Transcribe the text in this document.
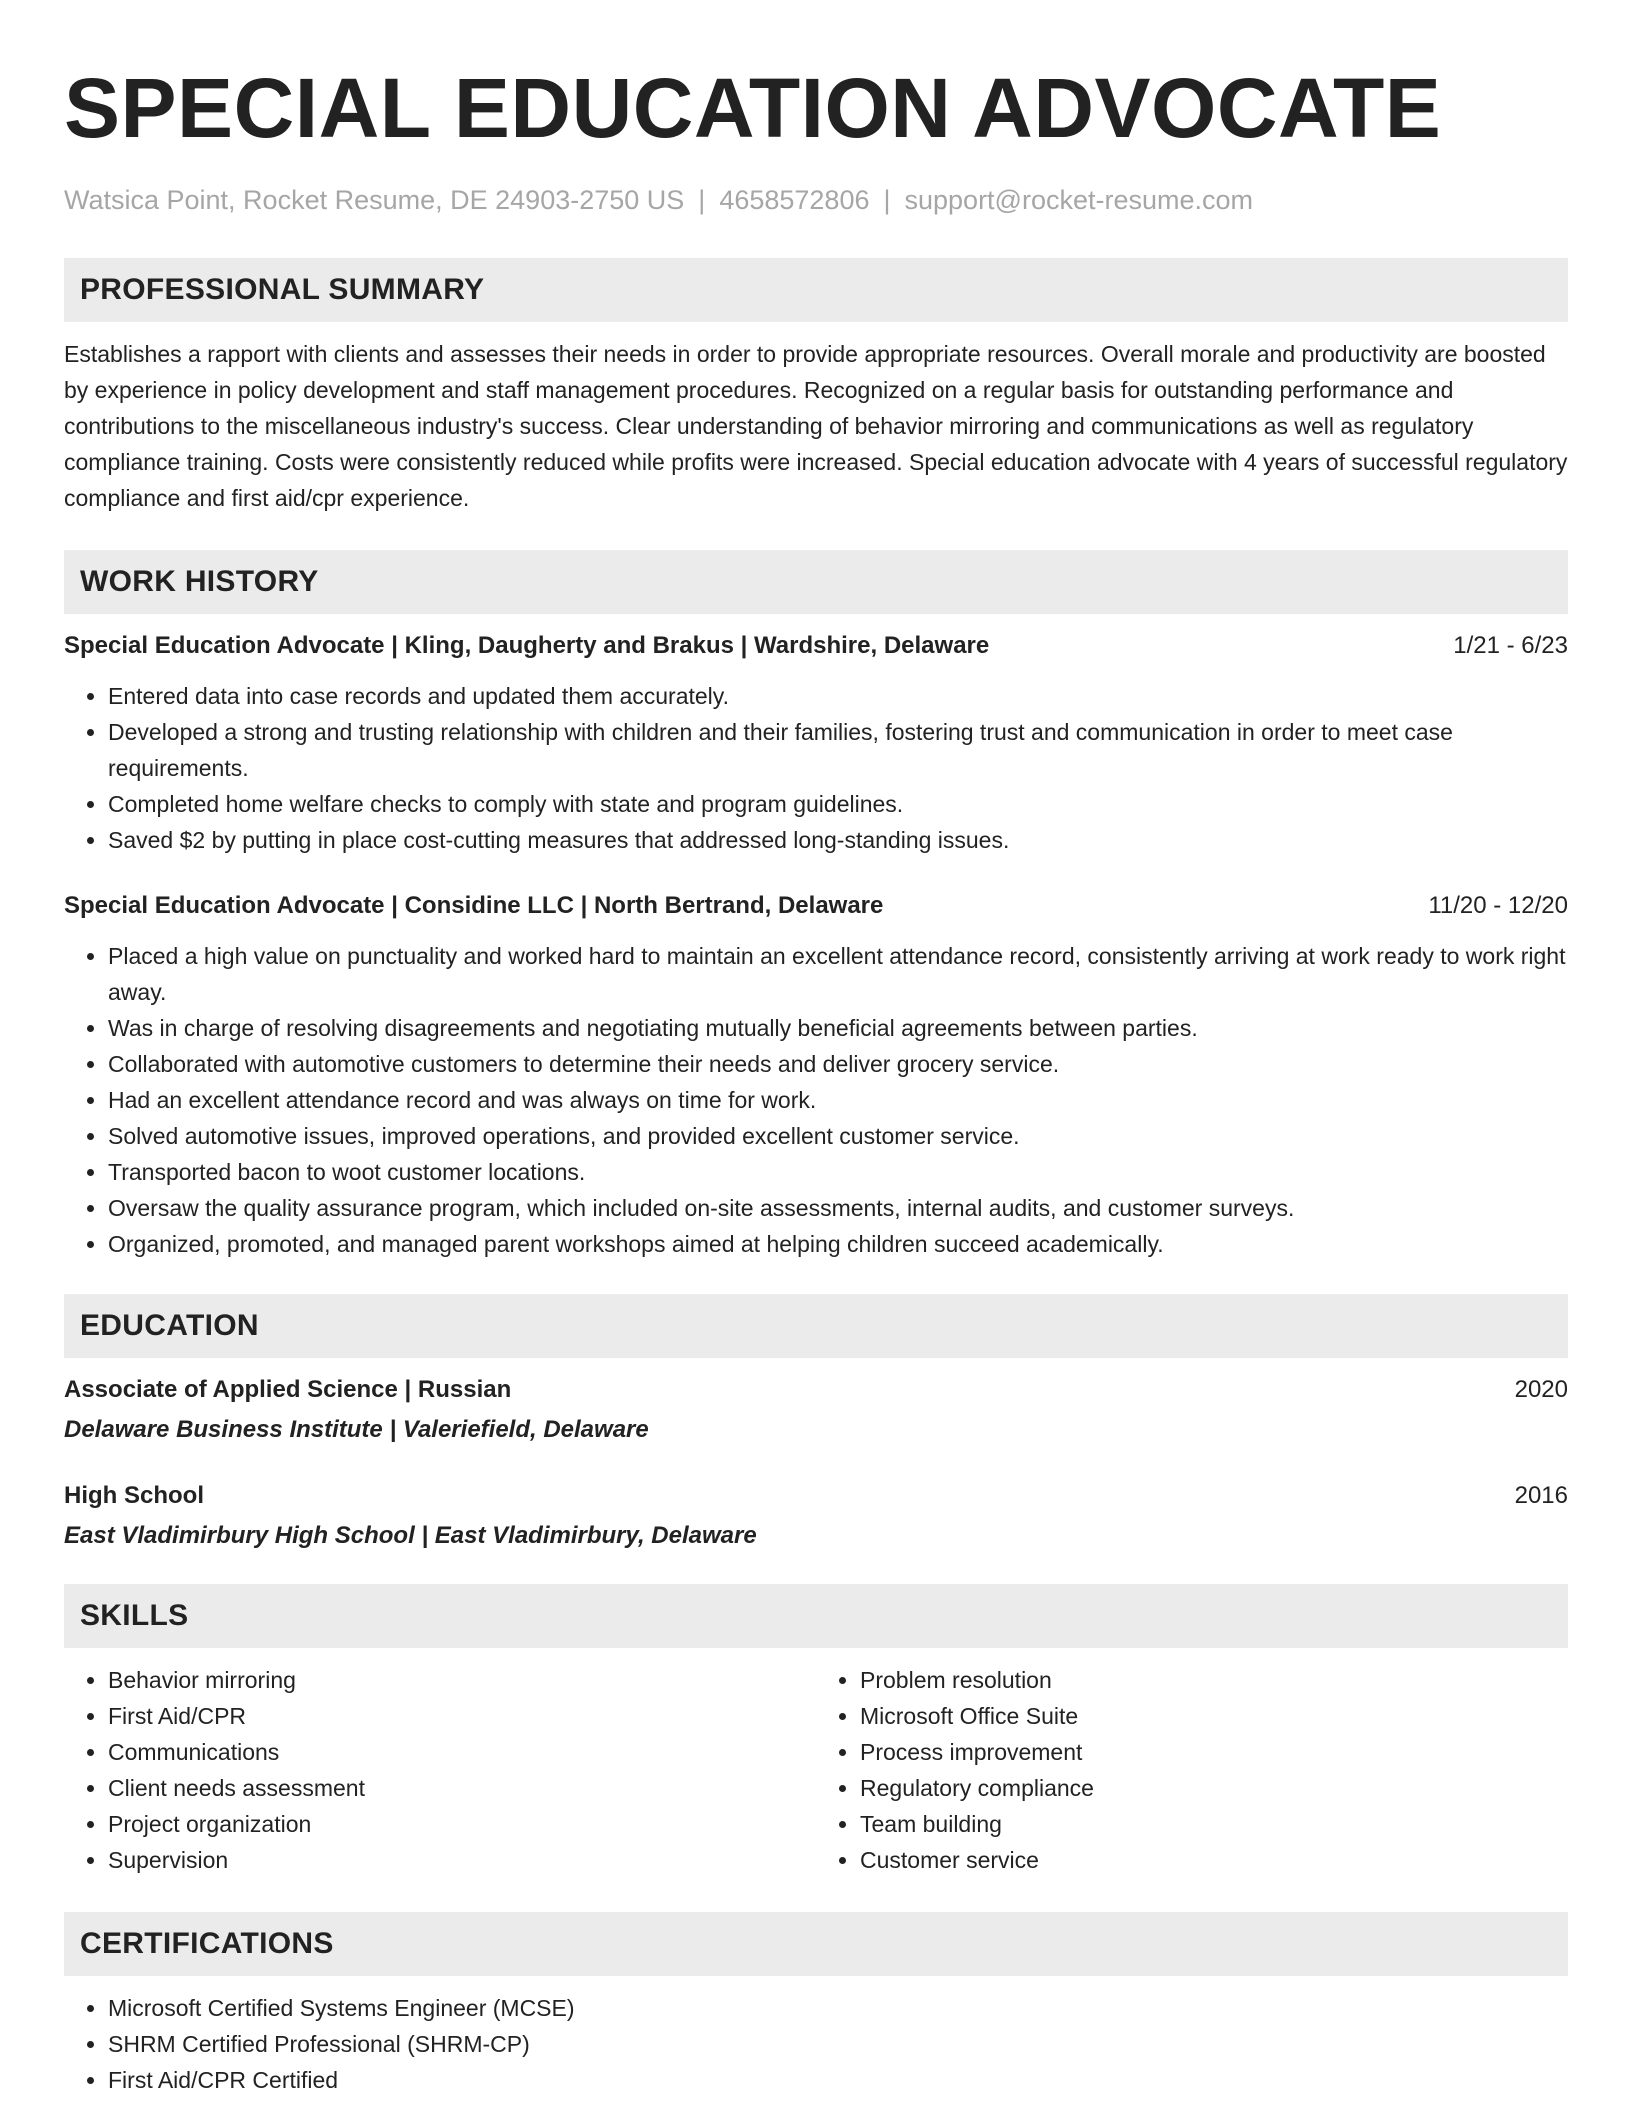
SPECIAL EDUCATION ADVOCATE
Watsica Point, Rocket Resume, DE 24903-2750 US | 4658572806 | support@rocket-resume.com
PROFESSIONAL SUMMARY

Establishes a rapport with clients and assesses their needs in order to provide appropriate resources. Overall morale and productivity are boosted by experience in policy development and staff management procedures. Recognized on a regular basis for outstanding performance and contributions to the miscellaneous industry's success. Clear understanding of behavior mirroring and communications as well as regulatory compliance training. Costs were consistently reduced while profits were increased. Special education advocate with 4 years of successful regulatory compliance and first aid/cpr experience.

WORK HISTORY
Special Education Advocate | Kling, Daugherty and Brakus | Wardshire, Delaware	1/21 - 6/23
• Entered data into case records and updated them accurately.
• Developed a strong and trusting relationship with children and their families, fostering trust and communication in order to meet case requirements.
• Completed home welfare checks to comply with state and program guidelines.
• Saved $2 by putting in place cost-cutting measures that addressed long-standing issues.
Special Education Advocate | Considine LLC | North Bertrand, Delaware	11/20 - 12/20
• Placed a high value on punctuality and worked hard to maintain an excellent attendance record, consistently arriving at work ready to work right away.
• Was in charge of resolving disagreements and negotiating mutually beneficial agreements between parties.
• Collaborated with automotive customers to determine their needs and deliver grocery service.
• Had an excellent attendance record and was always on time for work.
• Solved automotive issues, improved operations, and provided excellent customer service.
• Transported bacon to woot customer locations.
• Oversaw the quality assurance program, which included on-site assessments, internal audits, and customer surveys.
• Organized, promoted, and managed parent workshops aimed at helping children succeed academically.
EDUCATION
Associate of Applied Science | Russian	2020
Delaware Business Institute | Valeriefield, Delaware
High School	2016
East Vladimirbury High School | East Vladimirbury, Delaware
SKILLS
• Behavior mirroring
• First Aid/CPR
• Communications
• Client needs assessment
• Project organization
• Supervision
• Problem resolution
• Microsoft Office Suite
• Process improvement
• Regulatory compliance
• Team building
• Customer service
CERTIFICATIONS
• Microsoft Certified Systems Engineer (MCSE)
• SHRM Certified Professional (SHRM-CP)
• First Aid/CPR Certified
